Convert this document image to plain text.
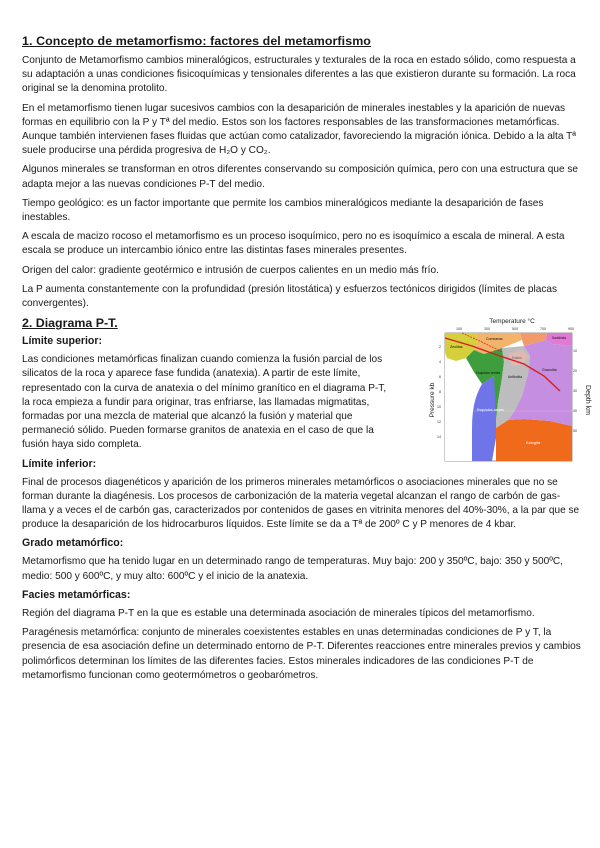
1. Concepto de metamorfismo: factores del metamorfismo

Conjunto de Metamorfismo cambios mineralógicos, estructurales y texturales de la roca en estado sólido, como respuesta a su adaptación a unas condiciones fisicoquímicas y tensionales diferentes a las que existieron durante su formación. La roca original se la denomina protolito.

En el metamorfismo tienen lugar sucesivos cambios con la desaparición de minerales inestables y la aparición de nuevas formas en equilibrio con la P y Tª del medio. Estos son los factores responsables de las transformaciones metamórficas. Aunque también intervienen fases fluidas que actúan como catalizador, favoreciendo la migración iónica. Debido a la alta Tª suele producirse una pérdida progresiva de H₂O y CO₂.

Algunos minerales se transforman en otros diferentes conservando su composición química, pero con una estructura que se adapta mejor a las nuevas condiciones P-T del medio.

Tiempo geológico: es un factor importante que permite los cambios mineralógicos mediante la desaparición de fases inestables.

A escala de macizo rocoso el metamorfismo es un proceso isoquímico, pero no es isoquímico a escala de mineral. A esta escala se produce un intercambio iónico entre las distintas fases minerales presentes.

Origen del calor: gradiente geotérmico e intrusión de cuerpos calientes en un medio más frío.

La P aumenta constantemente con la profundidad (presión litostática) y esfuerzos tectónicos dirigidos (límites de placas convergentes).

2. Diagrama P-T.
Límite superior:

Las condiciones metamórficas finalizan cuando comienza la fusión parcial de los silicatos de la roca y aparece fase fundida (anatexia). A partir de este límite, representado con la curva de anatexia o del mínimo granítico en el diagrama P-T, la roca empieza a fundir para originar, tras enfriarse, las llamadas migmatitas, formadas por una mezcla de material que alcanzó la fusión y material que permaneció sólido. Pueden formarse granitos de anatexia en el caso de que la fusión haya sido completa.

Temperature °C
100	300	500	700	900
Pressure kb	Depth km
2
4
6
8
10
12
14
10
20
30
40
50
Zeolitas
Corneanas	Sanidinita
Esquistos verdes
Anfibolita
Granulita
Esquistos azules
Eclogita
Fusión
Límite inferior:

Final de procesos diagenéticos y aparición de los primeros minerales metamórficos o asociaciones minerales que no se forman durante la diagénesis. Los procesos de carbonización de la materia vegetal alcanzan el rango de carbón de gas-llama y a veces el de carbón gas, caracterizados por contenidos de gases en vitrinita menores del 40%-30%, a la par que se produce la desaparición de los hidrocarburos líquidos. Este límite se da a Tª de 200º C y P menores de 4 kbar.

Grado metamórfico:

Metamorfismo que ha tenido lugar en un determinado rango de temperaturas. Muy bajo: 200 y 350ºC, bajo: 350 y 500ºC, medio: 500 y 600ºC, y muy alto: 600ºC y el inicio de la anatexia.

Facies metamórficas:

Región del diagrama P-T en la que es estable una determinada asociación de minerales típicos del metamorfismo.

Paragénesis metamórfica: conjunto de minerales coexistentes estables en unas determinadas condiciones de P y T, la presencia de esa asociación define un determinado entorno de P-T. Diferentes reacciones entre minerales previos y cambios polimórficos determinan los límites de las diferentes facies. Estos minerales indicadores de las condiciones P-T de metamorfismo funcionan como geotermómetros o geobarómetros.
